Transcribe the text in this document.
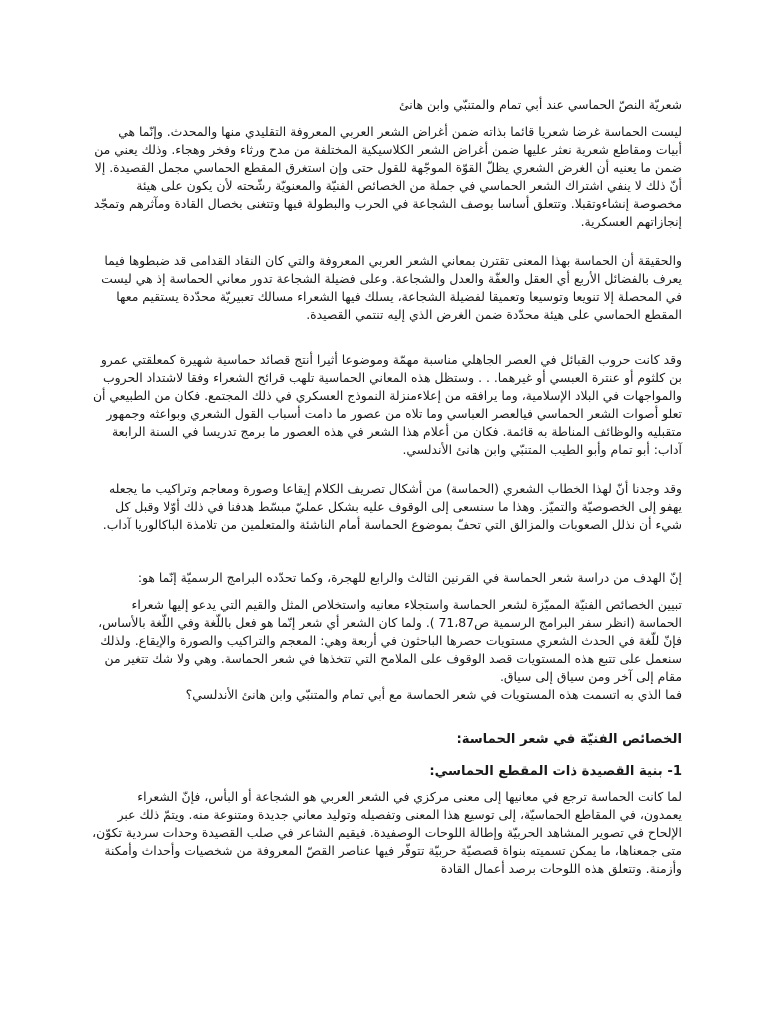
شعريّة النصّ الحماسي عند أبي تمام والمتنبّي وابن هانئ

ليست الحماسة غرضا شعريا قائما بذاته ضمن أغراض الشعر العربي المعروفة التقليدي منها والمحدث. وإنّما هي أبيات ومقاطع شعرية نعثر عليها ضمن أغراض الشعر الكلاسيكية المختلفة من مدح ورثاء وفخر وهجاء. وذلك يعني من ضمن ما يعنيه أن الغرض الشعري يظلّ القوّة الموجّهة للقول حتى وإن استغرق المقطع الحماسي مجمل القصيدة. إلا أنّ ذلك لا ينفي اشتراك الشعر الحماسي في جملة من الخصائص الفنيّة والمعنويّة رشّحته لأن يكون على هيئة مخصوصة إنشاءوتقبلا. وتتعلق أساسا بوصف الشجاعة في الحرب والبطولة فيها وتتغنى بخصال القادة ومآثرهم وتمجّد إنجازاتهم العسكرية.

والحقيقة أن الحماسة بهذا المعنى تقترن بمعاني الشعر العربي المعروفة والتي كان النقاد القدامى قد ضبطوها فيما يعرف بالفضائل الأربع أي العقل والعفّة والعدل والشجاعة. وعلى فضيلة الشجاعة تدور معاني الحماسة إذ هي ليست في المحصلة إلا تنويعا وتوسيعا وتعميقا لفضيلة الشجاعة، يسلك فيها الشعراء مسالك تعبيريّة محدّدة يستقيم معها المقطع الحماسي على هيئة محدّدة ضمن الغرض الذي إليه تنتمي القصيدة.

وقد كانت حروب القبائل في العصر الجاهلي مناسبة مهمّة وموضوعا أثيرا أنتج قصائد حماسية شهيرة كمعلقتي عمرو بن كلثوم أو عنترة العبسي أو غيرهما. . . وستظل هذه المعاني الحماسية تلهب قرائح الشعراء وفقا لاشتداد الحروب والمواجهات في البلاد الإسلامية، وما يرافقه من إعلاءمنزلة النموذج العسكري في ذلك المجتمع. فكان من الطبيعي أن تعلو أصوات الشعر الحماسي فيالعصر العباسي وما تلاه من عصور ما دامت أسباب القول الشعري وبواعثه وجمهور متقبليه والوظائف المناطة به قائمة. فكان من أعلام هذا الشعر في هذه العصور ما برمج تدريسا في السنة الرابعة آداب: أبو تمام وأبو الطيب المتنبّي وابن هانئ الأندلسي.

وقد وجدنا أنّ لهذا الخطاب الشعري (الحماسة) من أشكال تصريف الكلام إيقاعا وصورة ومعاجم وتراكيب ما يجعله يهفو إلى الخصوصيّة والتميّز. وهذا ما سنسعى إلى الوقوف عليه بشكل عمليّ مبسّط هدفنا في ذلك أوّلا وقبل كل شيء أن نذلل الصعوبات والمزالق التي تحفّ بموضوع الحماسة أمام الناشئة والمتعلمين من تلامذة الباكالوريا آداب.

إنّ الهدف من دراسة شعر الحماسة في القرنين الثالث والرابع للهجرة، وكما تحدّده البرامج الرسميّة إنّما هو:

تبيين الخصائص الفنيّة المميّزة لشعر الحماسة واستجلاء معانيه واستخلاص المثل والقيم التي يدعو إليها شعراء الحماسة (انظر سفر البرامج الرسمية ص71،87 ). ولما كان الشعر أي شعر إنّما هو فعل باللّغة وفي اللّغة بالأساس، فإنّ للّغة في الحدث الشعري مستويات حصرها الباحثون في أربعة وهي: المعجم والتراكيب والصورة والإيقاع. ولذلك سنعمل على تتبع هذه المستويات قصد الوقوف على الملامح التي تتخذها في شعر الحماسة. وهي ولا شك تتغير من مقام إلى آخر ومن سياق إلى سياق.

فما الذي به اتسمت هذه المستويات في شعر الحماسة مع أبي تمام والمتنبّي وابن هانئ الأندلسي؟

الخصائص الفنيّة في شعر الحماسة:

1- بنية القصيدة ذات المقطع الحماسي:

لما كانت الحماسة ترجع في معانيها إلى معنى مركزي في الشعر العربي هو الشجاعة أو البأس، فإنّ الشعراء يعمدون، في المقاطع الحماسيّة، إلى توسيع هذا المعنى وتفصيله وتوليد معاني جديدة ومتنوعة منه. ويتمّ ذلك عبر الإلحاح في تصوير المشاهد الحربيّة وإطالة اللوحات الوصفيدة. فيقيم الشاعر في صلب القصيدة وحدات سردية تكوّن، متى جمعناها، ما يمكن تسميته بنواة قصصيّة حربيّة تتوفّر فيها عناصر القصّ المعروفة من شخصيات وأحداث وأمكنة وأزمنة. وتتعلق هذه اللوحات برصد أعمال القادة
